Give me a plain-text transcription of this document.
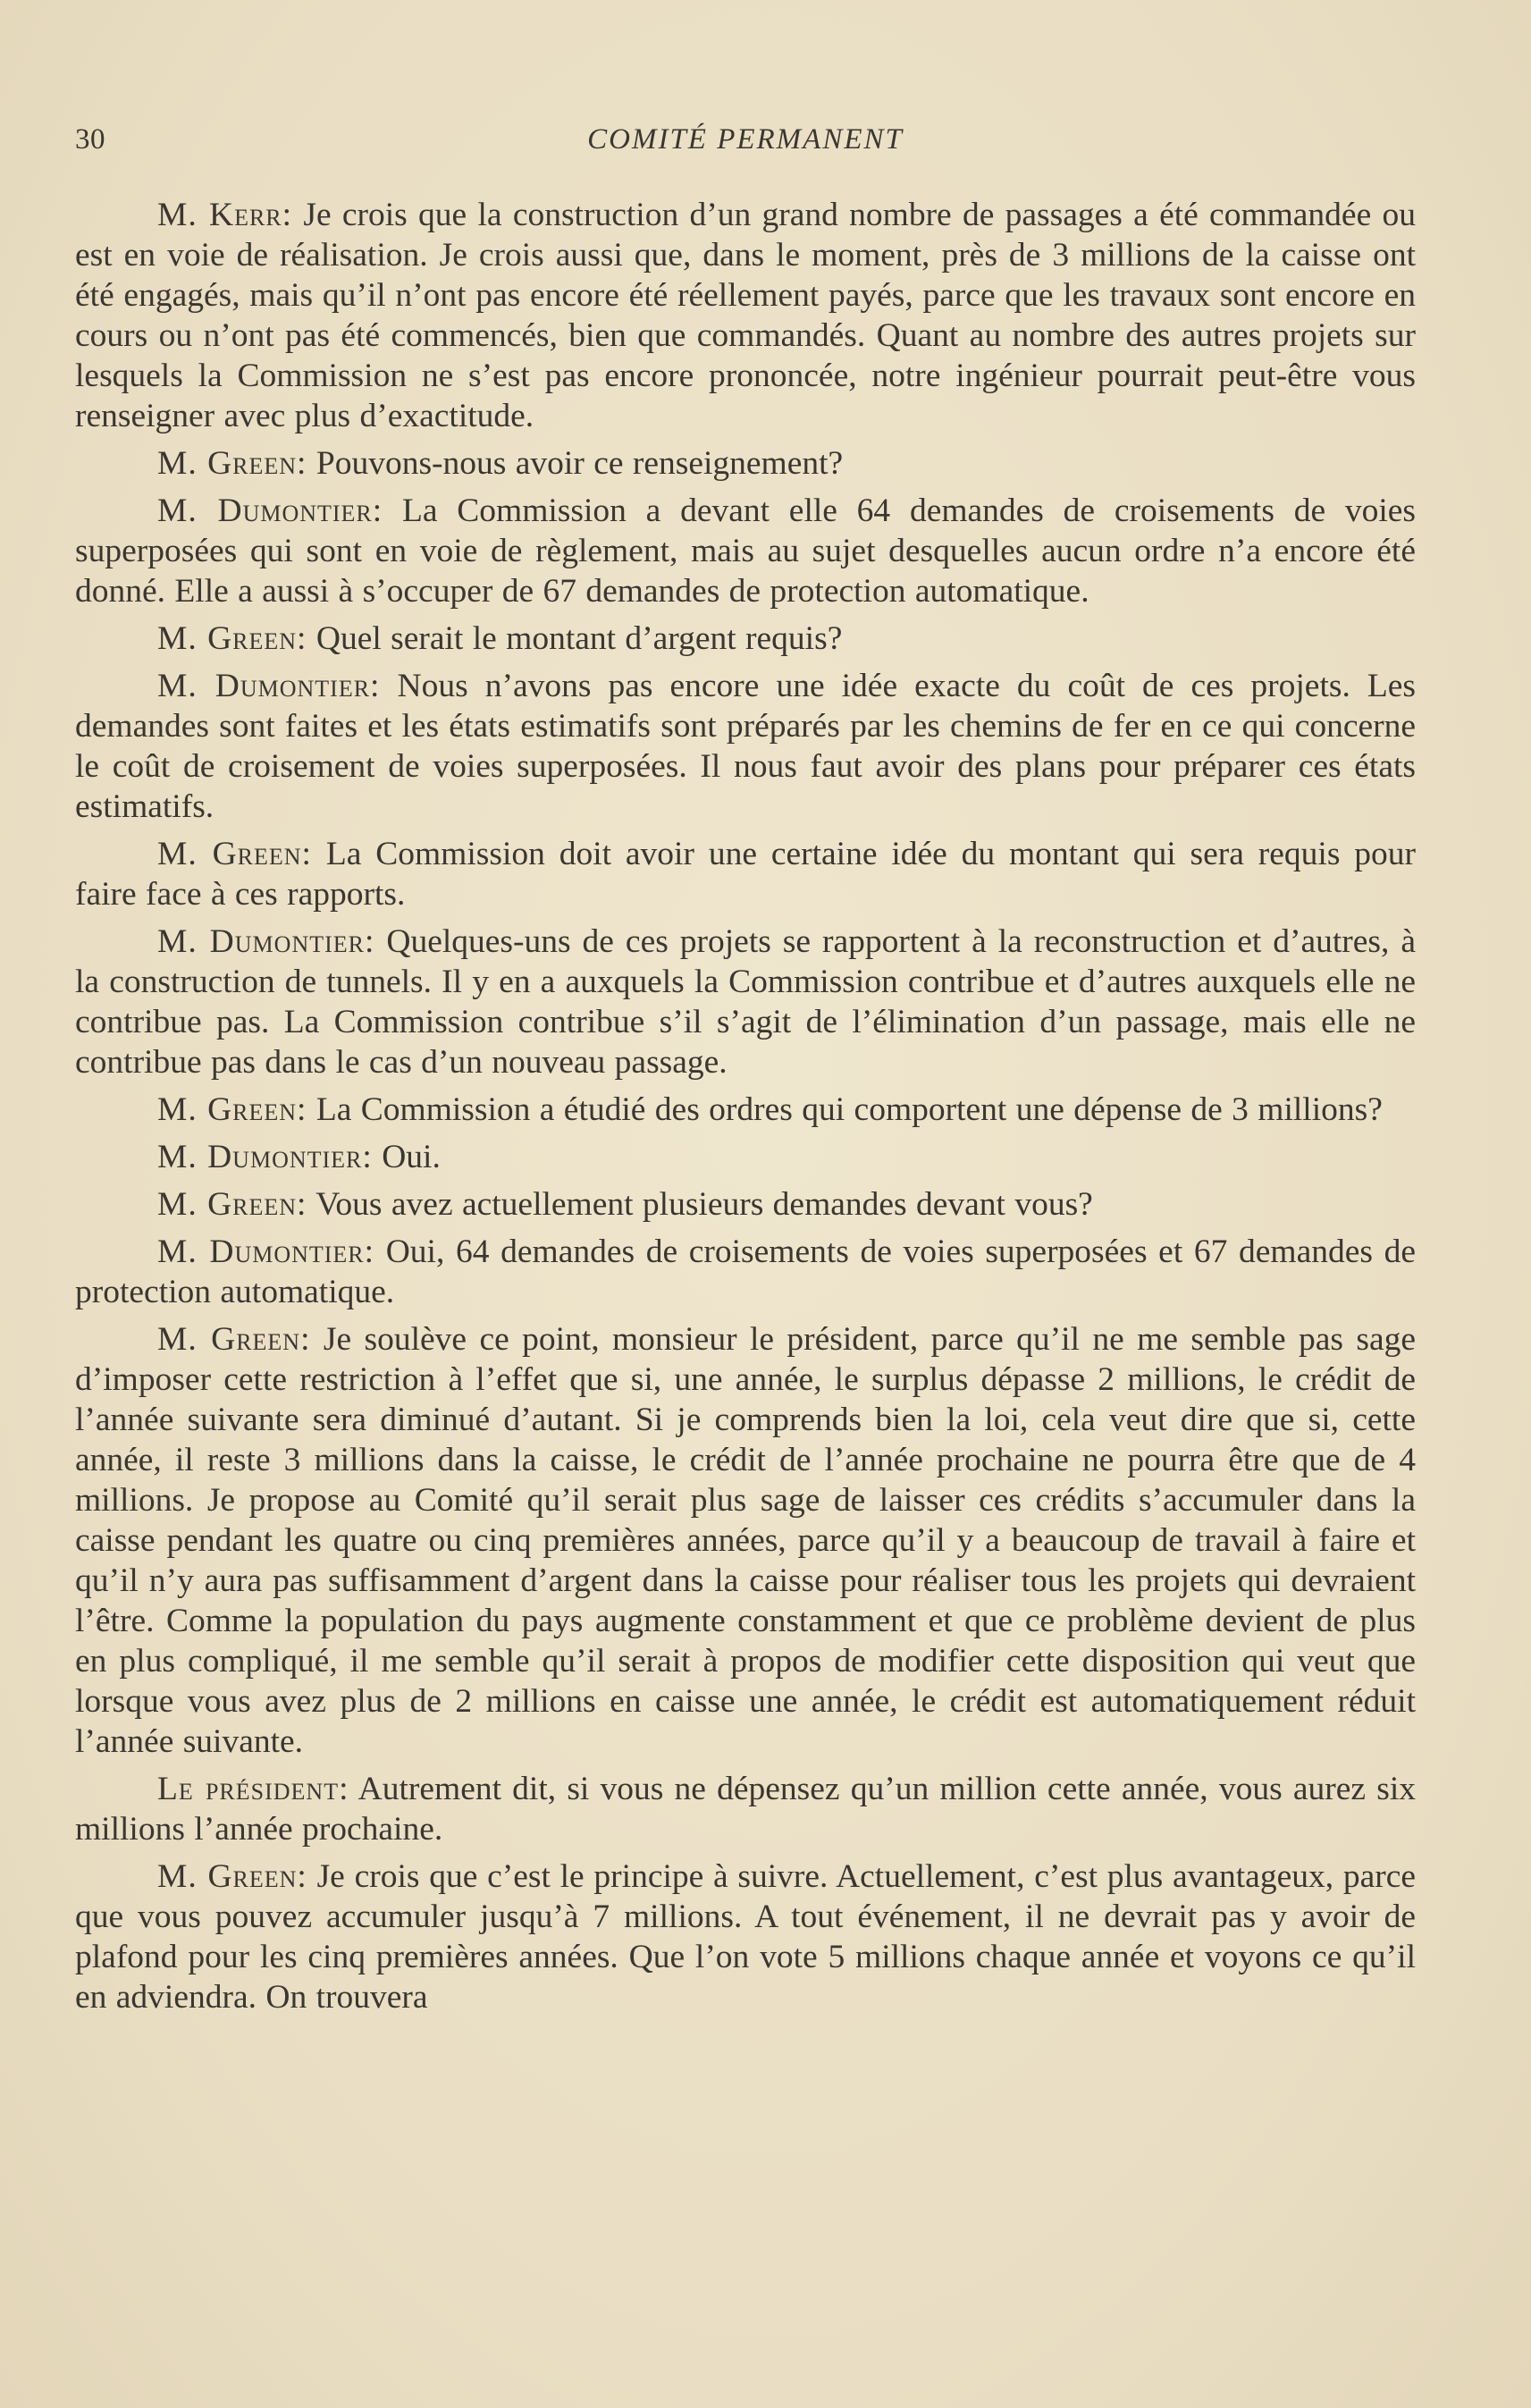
30	COMITÉ PERMANENT

M. Kerr: Je crois que la construction d’un grand nombre de passages a été commandée ou est en voie de réalisation. Je crois aussi que, dans le moment, près de 3 millions de la caisse ont été engagés, mais qu’il n’ont pas encore été réellement payés, parce que les travaux sont encore en cours ou n’ont pas été commencés, bien que commandés. Quant au nombre des autres projets sur lesquels la Commission ne s’est pas encore prononcée, notre ingénieur pourrait peut-être vous renseigner avec plus d’exactitude.

M. Green: Pouvons-nous avoir ce renseignement?

M. Dumontier: La Commission a devant elle 64 demandes de croisements de voies superposées qui sont en voie de règlement, mais au sujet desquelles aucun ordre n’a encore été donné. Elle a aussi à s’occuper de 67 demandes de protection automatique.

M. Green: Quel serait le montant d’argent requis?

M. Dumontier: Nous n’avons pas encore une idée exacte du coût de ces projets. Les demandes sont faites et les états estimatifs sont préparés par les chemins de fer en ce qui concerne le coût de croisement de voies superposées. Il nous faut avoir des plans pour préparer ces états estimatifs.

M. Green: La Commission doit avoir une certaine idée du montant qui sera requis pour faire face à ces rapports.

M. Dumontier: Quelques-uns de ces projets se rapportent à la reconstruction et d’autres, à la construction de tunnels. Il y en a auxquels la Commission contribue et d’autres auxquels elle ne contribue pas. La Commission contribue s’il s’agit de l’élimination d’un passage, mais elle ne contribue pas dans le cas d’un nouveau passage.

M. Green: La Commission a étudié des ordres qui comportent une dépense de 3 millions?

M. Dumontier: Oui.

M. Green: Vous avez actuellement plusieurs demandes devant vous?

M. Dumontier: Oui, 64 demandes de croisements de voies superposées et 67 demandes de protection automatique.

M. Green: Je soulève ce point, monsieur le président, parce qu’il ne me semble pas sage d’imposer cette restriction à l’effet que si, une année, le surplus dépasse 2 millions, le crédit de l’année suivante sera diminué d’autant. Si je comprends bien la loi, cela veut dire que si, cette année, il reste 3 millions dans la caisse, le crédit de l’année prochaine ne pourra être que de 4 millions. Je propose au Comité qu’il serait plus sage de laisser ces crédits s’accumuler dans la caisse pendant les quatre ou cinq premières années, parce qu’il y a beaucoup de travail à faire et qu’il n’y aura pas suffisamment d’argent dans la caisse pour réaliser tous les projets qui devraient l’être. Comme la population du pays augmente constamment et que ce problème devient de plus en plus compliqué, il me semble qu’il serait à propos de modifier cette disposition qui veut que lorsque vous avez plus de 2 millions en caisse une année, le crédit est automatiquement réduit l’année suivante.

Le président: Autrement dit, si vous ne dépensez qu’un million cette année, vous aurez six millions l’année prochaine.

M. Green: Je crois que c’est le principe à suivre. Actuellement, c’est plus avantageux, parce que vous pouvez accumuler jusqu’à 7 millions. A tout événement, il ne devrait pas y avoir de plafond pour les cinq premières années. Que l’on vote 5 millions chaque année et voyons ce qu’il en adviendra. On trouvera
